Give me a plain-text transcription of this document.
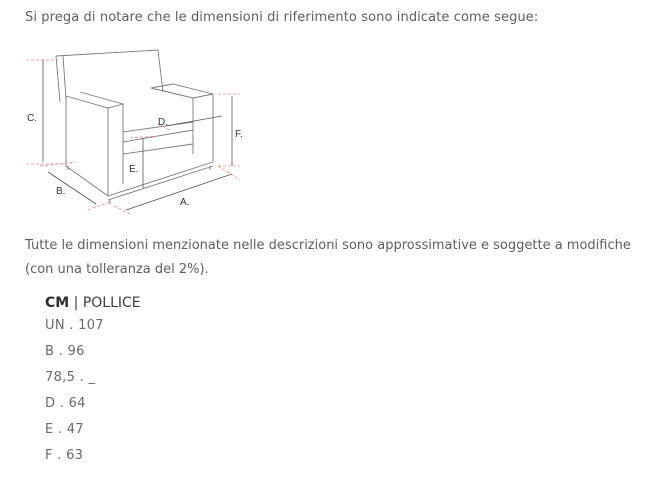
Si prega di notare che le dimensioni di riferimento sono indicate come segue:
C.
B.
A.
F.
D.
E.
Tutte le dimensioni menzionate nelle descrizioni sono approssimative e soggette a modifiche
(con una tolleranza del 2%).
CM | POLLICE
UN . 107
B . 96
78,5 . _
D . 64
E . 47
F . 63
